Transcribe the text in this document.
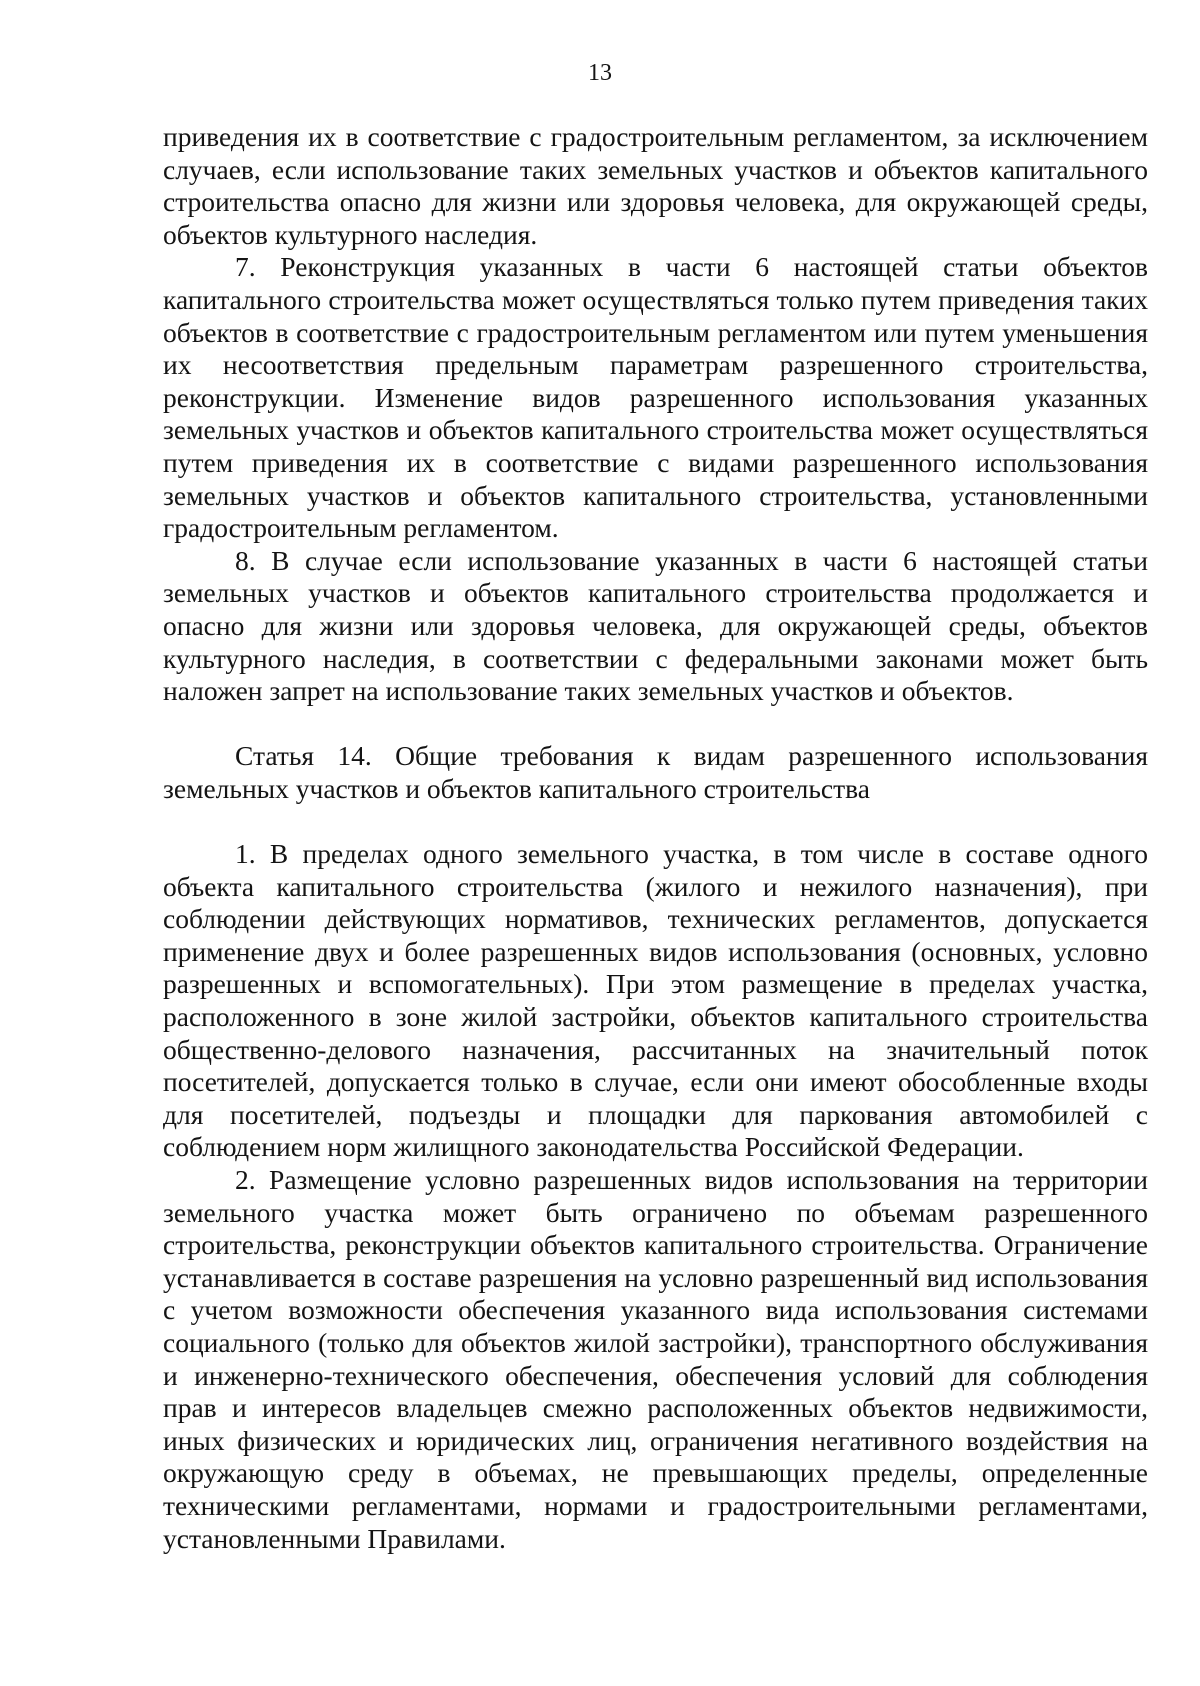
13

приведения их в соответствие с градостроительным регламентом, за исключением случаев, если использование таких земельных участков и объектов капитального строительства опасно для жизни или здоровья человека, для окружающей среды, объектов культурного наследия.

7. Реконструкция указанных в части 6 настоящей статьи объектов капитального строительства может осуществляться только путем приведения таких объектов в соответствие с градостроительным регламентом или путем уменьшения их несоответствия предельным параметрам разрешенного строительства, реконструкции. Изменение видов разрешенного использования указанных земельных участков и объектов капитального строительства может осуществляться путем приведения их в соответствие с видами разрешенного использования земельных участков и объектов капитального строительства, установленными градостроительным регламентом.

8. В случае если использование указанных в части 6 настоящей статьи земельных участков и объектов капитального строительства продолжается и опасно для жизни или здоровья человека, для окружающей среды, объектов культурного наследия, в соответствии с федеральными законами может быть наложен запрет на использование таких земельных участков и объектов.

Статья 14. Общие требования к видам разрешенного использования земельных участков и объектов капитального строительства

1. В пределах одного земельного участка, в том числе в составе одного объекта капитального строительства (жилого и нежилого назначения), при соблюдении действующих нормативов, технических регламентов, допускается применение двух и более разрешенных видов использования (основных, условно разрешенных и вспомогательных). При этом размещение в пределах участка, расположенного в зоне жилой застройки, объектов капитального строительства общественно-делового назначения, рассчитанных на значительный поток посетителей, допускается только в случае, если они имеют обособленные входы для посетителей, подъезды и площадки для паркования автомобилей с соблюдением норм жилищного законодательства Российской Федерации.

2. Размещение условно разрешенных видов использования на территории земельного участка может быть ограничено по объемам разрешенного строительства, реконструкции объектов капитального строительства. Ограничение устанавливается в составе разрешения на условно разрешенный вид использования с учетом возможности обеспечения указанного вида использования системами социального (только для объектов жилой застройки), транспортного обслуживания и инженерно-технического обеспечения, обеспечения условий для соблюдения прав и интересов владельцев смежно расположенных объектов недвижимости, иных физических и юридических лиц, ограничения негативного воздействия на окружающую среду в объемах, не превышающих пределы, определенные техническими регламентами, нормами и градостроительными регламентами, установленными Правилами.
